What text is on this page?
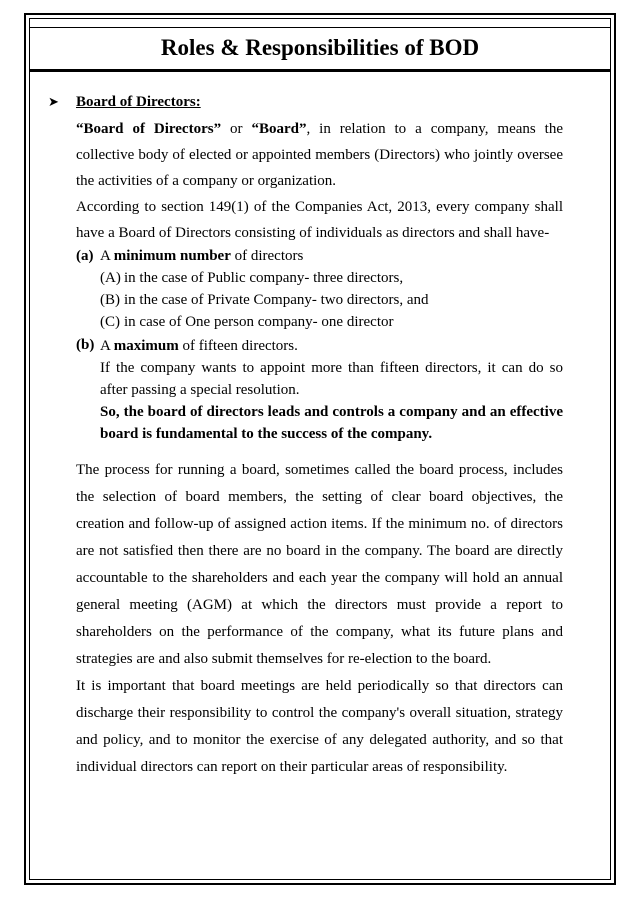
Roles & Responsibilities of BOD
➤	Board of Directors:
“Board of Directors” or “Board”, in relation to a company, means the collective body of elected or appointed members (Directors) who jointly oversee the activities of a company or organization.
According to section 149(1) of the Companies Act, 2013, every company shall have a Board of Directors consisting of individuals as directors and shall have-
(a) A minimum number of directors
(A) in the case of Public company- three directors,
(B) in the case of Private Company- two directors, and
(C) in case of One person company- one director
(b) A maximum of fifteen directors.
If the company wants to appoint more than fifteen directors, it can do so after passing a special resolution.
So, the board of directors leads and controls a company and an effective board is fundamental to the success of the company.
The process for running a board, sometimes called the board process, includes the selection of board members, the setting of clear board objectives, the creation and follow-up of assigned action items. If the minimum no. of directors are not satisfied then there are no board in the company. The board are directly accountable to the shareholders and each year the company will hold an annual general meeting (AGM) at which the directors must provide a report to shareholders on the performance of the company, what its future plans and strategies are and also submit themselves for re-election to the board.
It is important that board meetings are held periodically so that directors can discharge their responsibility to control the company's overall situation, strategy and policy, and to monitor the exercise of any delegated authority, and so that individual directors can report on their particular areas of responsibility.
